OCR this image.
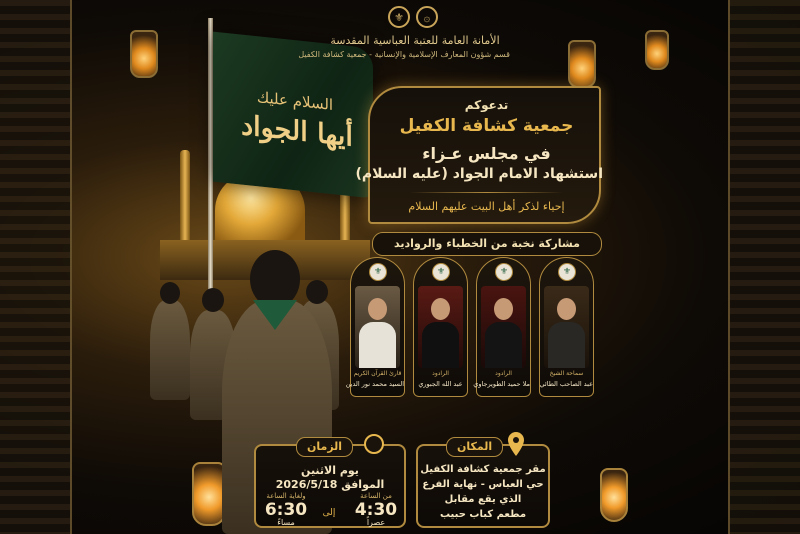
السلام عليك
أيها الجواد
⚜	۞
الأمانة العامة للعتبة العباسية المقدسة
قسم شؤون المعارف الإسلامية والإنسانية - جمعية كشافة الكفيل
تدعوكم
جمعية كشافة الكفيل
في مجلس عـزاء
استشهاد الامام الجواد (عليه السلام)
إحياء لذكر أهل البيت عليهم السلام
مشاركة نخبة من الخطباء والرواديد
⚜
سماحة الشيخ
عبد الصاحب الطائي
⚜
الرادود
ملا حميد الطويرجاوي
⚜
الرادود
عبد الله الجبوري
⚜
قارئ القرآن الكريم
السيد محمد نور الدين
الزمان
يوم الاثنين
الموافق 2026/5/18
من الساعة
4:30
عصراً
إلى
ولغاية الساعة
6:30
مساءً
المكان
مقر جمعية كشافة الكفيل
حي العباس - نهاية الفرع
الذي يقع مقابل
مطعم كباب حبيب
